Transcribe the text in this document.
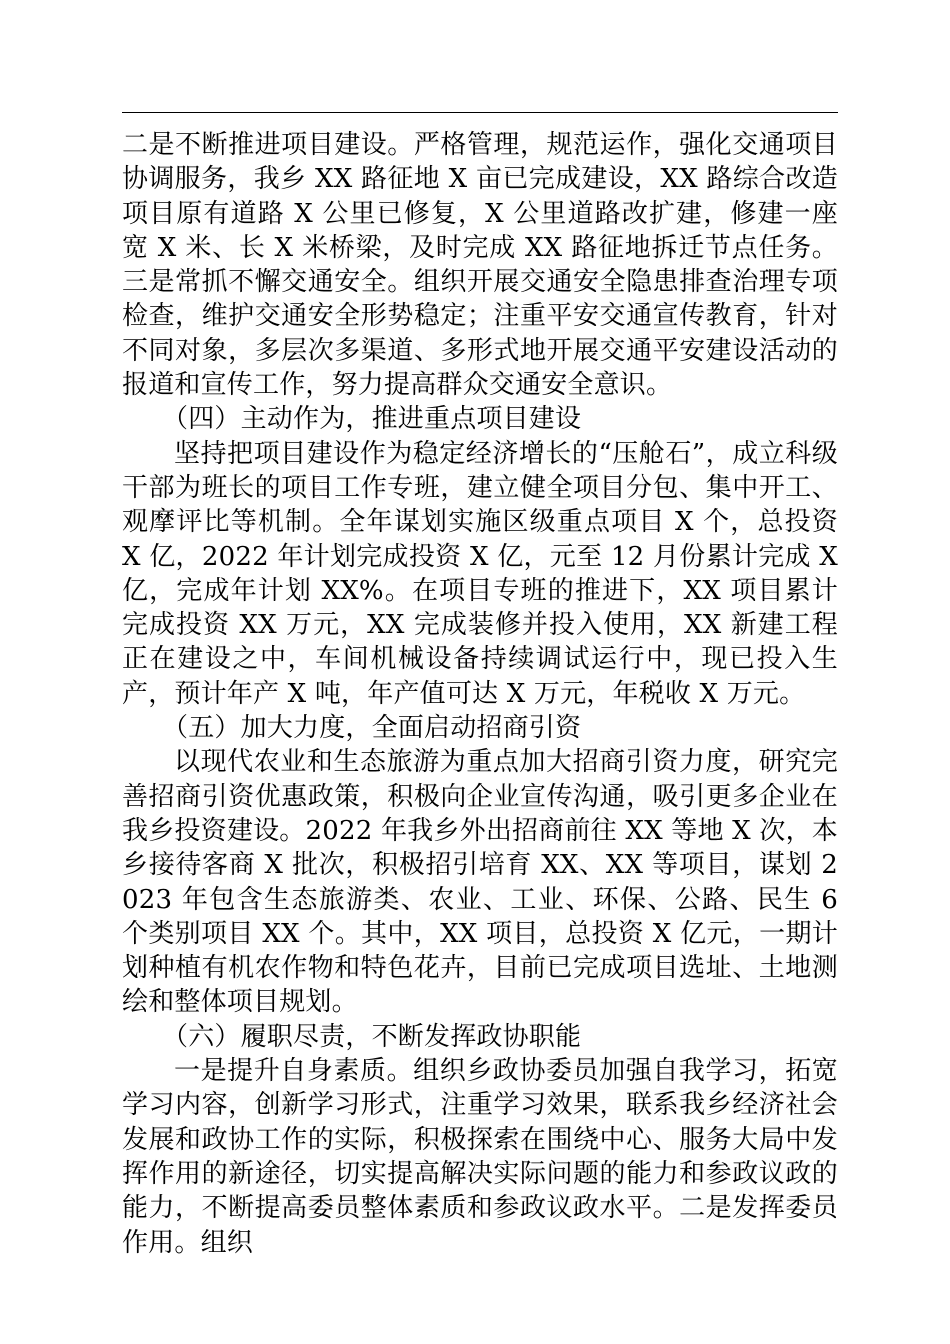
二是不断推进项目建设。严格管理，规范运作，强化交通项目协调服务，我乡 XX 路征地 X 亩已完成建设，XX 路综合改造项目原有道路 X 公里已修复，X 公里道路改扩建，修建一座宽 X 米、长 X 米桥梁，及时完成 XX 路征地拆迁节点任务。三是常抓不懈交通安全。组织开展交通安全隐患排查治理专项检查，维护交通安全形势稳定；注重平安交通宣传教育，针对不同对象，多层次多渠道、多形式地开展交通平安建设活动的报道和宣传工作，努力提高群众交通安全意识。

（四）主动作为，推进重点项目建设

坚持把项目建设作为稳定经济增长的“压舱石”，成立科级干部为班长的项目工作专班，建立健全项目分包、集中开工、观摩评比等机制。全年谋划实施区级重点项目 X 个，总投资 X 亿，2022 年计划完成投资 X 亿，元至 12 月份累计完成 X 亿，完成年计划 XX%。在项目专班的推进下，XX 项目累计完成投资 XX 万元，XX 完成装修并投入使用，XX 新建工程正在建设之中，车间机械设备持续调试运行中，现已投入生产，预计年产 X 吨，年产值可达 X 万元，年税收 X 万元。

（五）加大力度，全面启动招商引资

以现代农业和生态旅游为重点加大招商引资力度，研究完善招商引资优惠政策，积极向企业宣传沟通，吸引更多企业在我乡投资建设。2022 年我乡外出招商前往 XX 等地 X 次，本乡接待客商 X 批次，积极招引培育 XX、XX 等项目，谋划 2023 年包含生态旅游类、农业、工业、环保、公路、民生 6 个类别项目 XX 个。其中，XX 项目，总投资 X 亿元，一期计划种植有机农作物和特色花卉，目前已完成项目选址、土地测绘和整体项目规划。

（六）履职尽责，不断发挥政协职能

一是提升自身素质。组织乡政协委员加强自我学习，拓宽学习内容，创新学习形式，注重学习效果，联系我乡经济社会发展和政协工作的实际，积极探索在围绕中心、服务大局中发挥作用的新途径，切实提高解决实际问题的能力和参政议政的能力，不断提高委员整体素质和参政议政水平。二是发挥委员作用。组织
